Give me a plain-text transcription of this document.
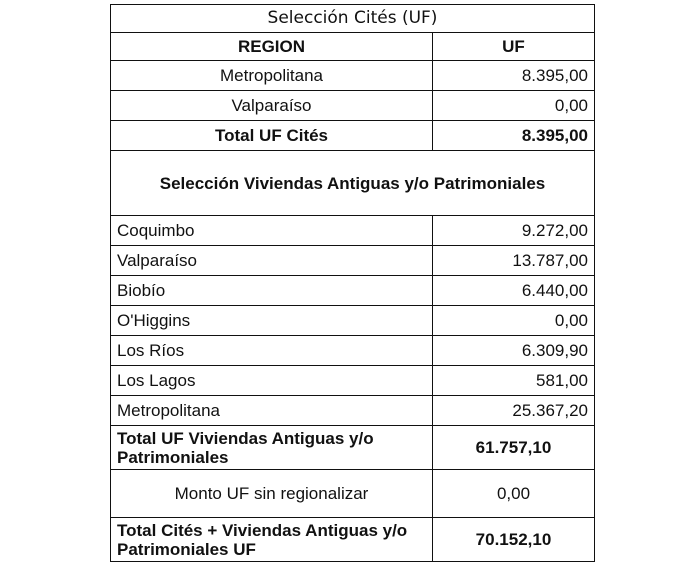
Selección Cités (UF)	
REGION	UF
Metropolitana	8.395,00
Valparaíso	0,00
Total UF Cités	8.395,00
Selección Viviendas Antiguas y/o Patrimoniales	
Coquimbo	9.272,00
Valparaíso	13.787,00
Biobío	6.440,00
O'Higgins	0,00
Los Ríos	6.309,90
Los Lagos	581,00
Metropolitana	25.367,20
Total UF Viviendas Antiguas y/o Patrimoniales	61.757,10
Monto UF sin regionalizar	0,00
Total Cités + Viviendas Antiguas y/o Patrimoniales UF	70.152,10
